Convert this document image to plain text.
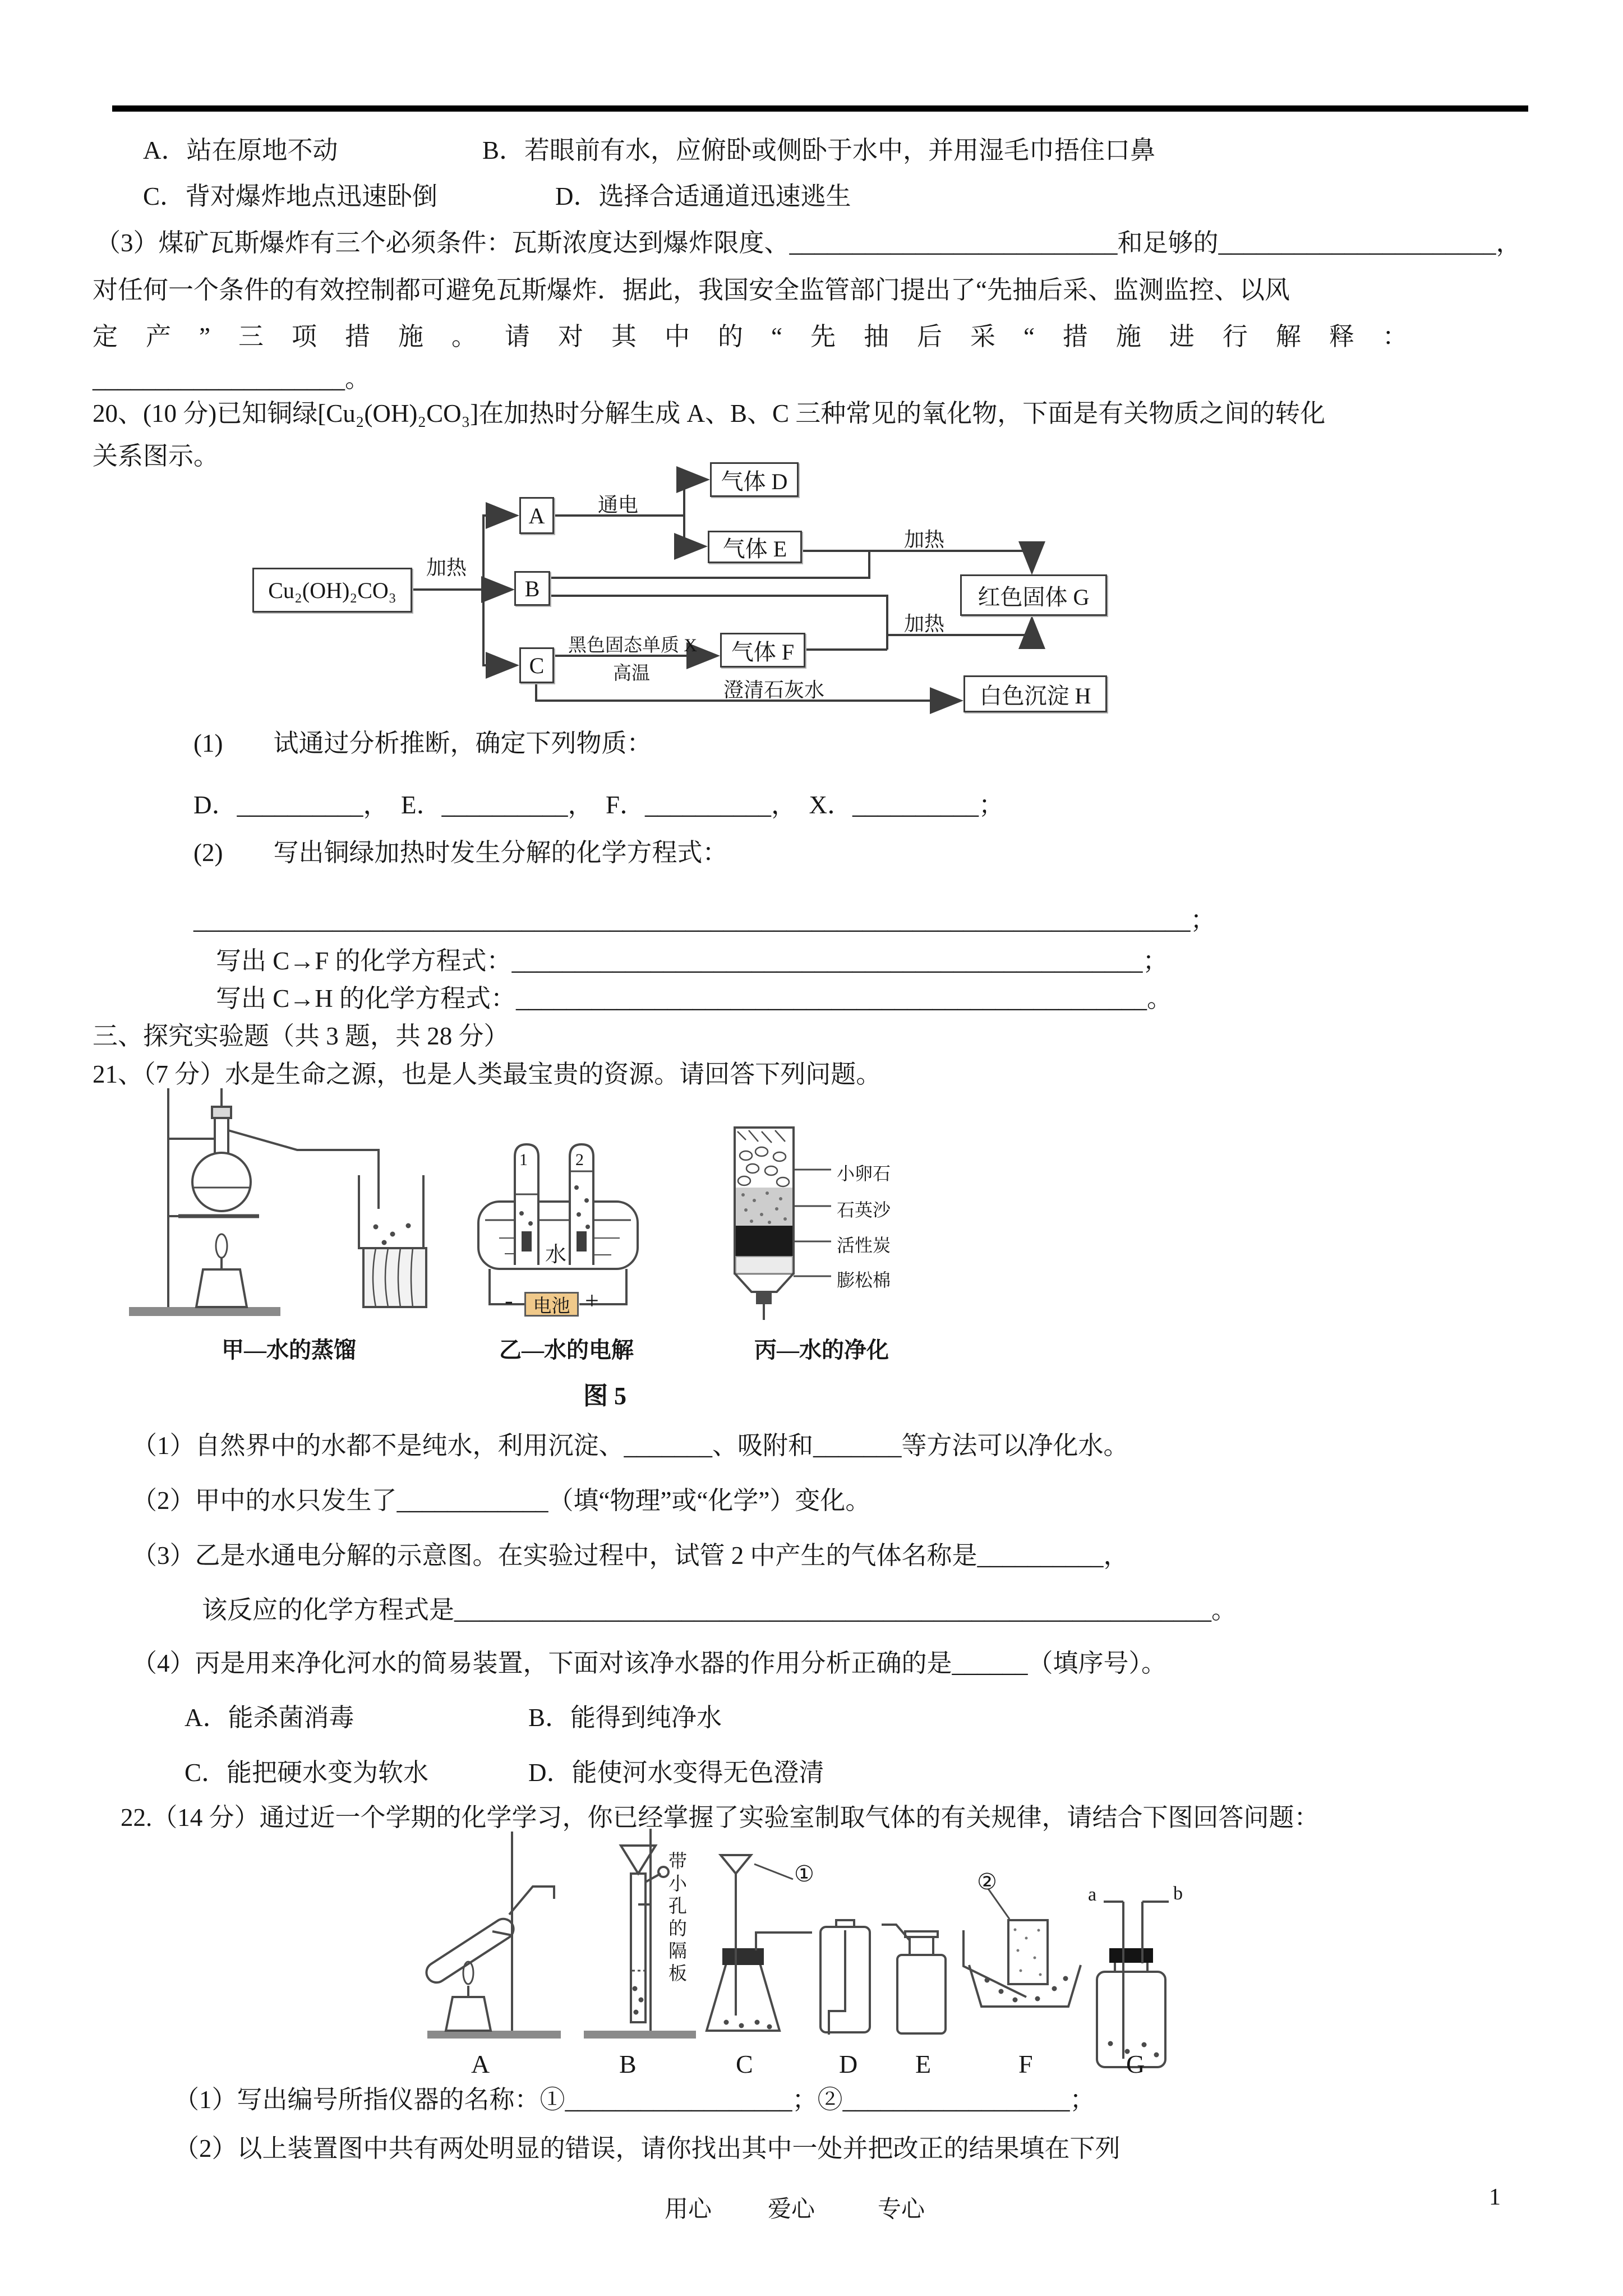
A．站在原地不动	B．若眼前有水，应俯卧或侧卧于水中，并用湿毛巾捂住口鼻
C．背对爆炸地点迅速卧倒	D．选择合适通道迅速逃生
（3）煤矿瓦斯爆炸有三个必须条件：瓦斯浓度达到爆炸限度、__________________________和足够的______________________，
对任何一个条件的有效控制都可避免瓦斯爆炸．据此，我国安全监管部门提出了“先抽后采、监测监控、以风
定产”三项措施。请对其中的“先抽后采“措施进行解释：
____________________。
20、(10 分)已知铜绿[Cu₂(OH)₂CO₃]在加热时分解生成 A、B、C 三种常见的氧化物，下面是有关物质之间的转化
关系图示。
Cu₂(OH)₂CO₃
A
B
C
气体 D
气体 E
气体 F
红色固体 G
白色沉淀 H
加热
通电
加热
加热
黑色固态单质 X
高温
澄清石灰水
(1)　　试通过分析推断，确定下列物质：
D．__________，  E．__________，  F．__________，  X．__________；
(2)　　写出铜绿加热时发生分解的化学方程式：
_______________________________________________________________________________；
写出 C→F 的化学方程式：__________________________________________________；
写出 C→H 的化学方程式：__________________________________________________。
三、探究实验题（共 3 题，共 28 分）
21、（7 分）水是生命之源，也是人类最宝贵的资源。请回答下列问题。
1	2
水
电池
-	+
小卵石
石英沙
活性炭
膨松棉
甲—水的蒸馏	乙—水的电解	丙—水的净化
图 5
（1）自然界中的水都不是纯水，利用沉淀、_______、吸附和_______等方法可以净化水。
（2）甲中的水只发生了____________（填“物理”或“化学”）变化。
（3）乙是水通电分解的示意图。在实验过程中，试管 2 中产生的气体名称是__________，
该反应的化学方程式是____________________________________________________________。
（4）丙是用来净化河水的简易装置，下面对该净水器的作用分析正确的是______（填序号）。
A．能杀菌消毒	B．能得到纯净水
C．能把硬水变为软水	D．能使河水变得无色澄清
22.（14 分）通过近一个学期的化学学习，你已经掌握了实验室制取气体的有关规律，请结合下图回答问题：
带小孔的隔板	①	②
a	b
A	B	C	D E	F	G
（1）写出编号所指仪器的名称：①__________________；②__________________；
（2）以上装置图中共有两处明显的错误，请你找出其中一处并把改正的结果填在下列
用心 爱心	专心	1
